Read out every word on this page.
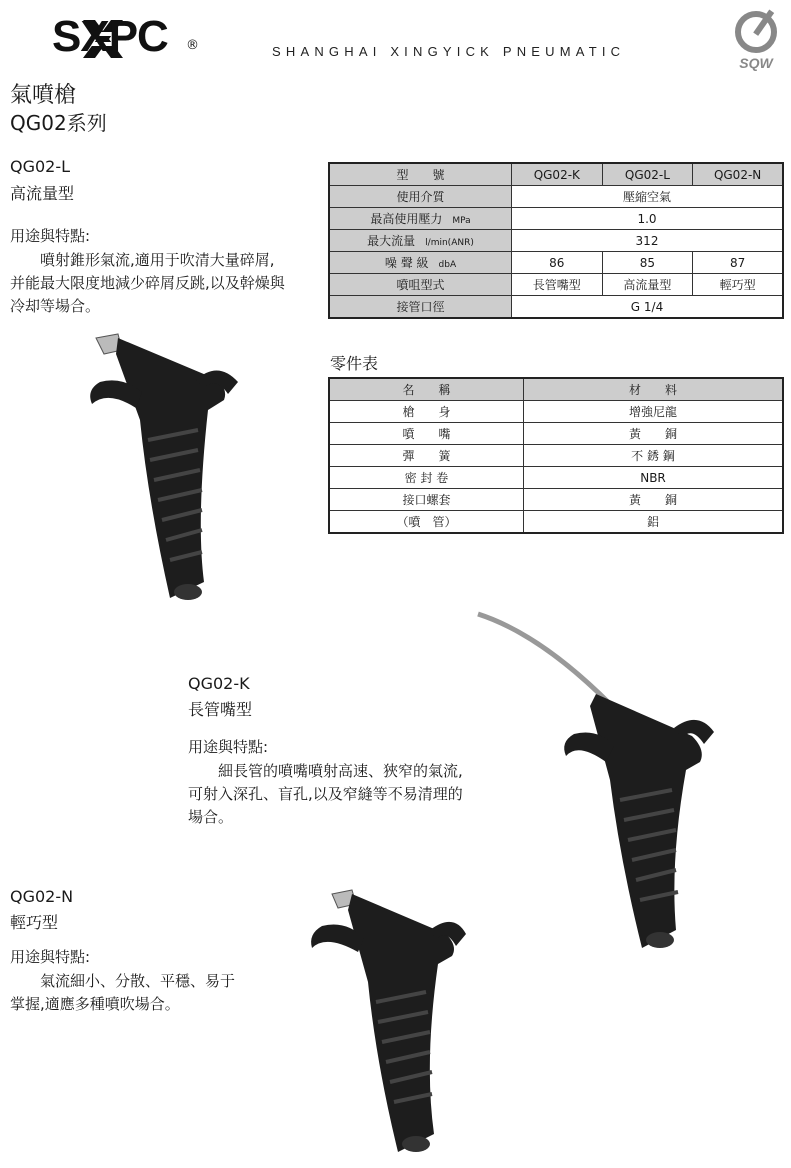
SXPC ®	SHANGHAI XINGYICK PNEUMATIC
SQW
氣噴槍
QG02系列
QG02-L
高流量型
用途與特點:
　　噴射錐形氣流,適用于吹清大量碎屑,
并能最大限度地減少碎屑反跳,以及幹燥與
冷却等場合。
QG02-K
長管嘴型
用途與特點:
　　細長管的噴嘴噴射高速、狹窄的氣流,
可射入深孔、盲孔,以及窄縫等不易清理的
場合。
QG02-N
輕巧型
用途與特點:
　　氣流細小、分散、平穩、易于
掌握,適應多種噴吹場合。
型　　號	QG02-K	QG02-L	QG02-N
使用介質	壓縮空氣		
最高使用壓力 MPa	1.0		
最大流量 l/min(ANR)	312		
噪 聲 級 dbA	86	85	87
噴咀型式	長管嘴型	高流量型	輕巧型
接管口徑	G 1/4		
零件表
名　　稱	材　　料
槍　　身	增強尼龍
噴　　嘴	黃　　銅
彈　　簧	不 銹 鋼
密 封 卷	NBR
接口螺套	黃　　銅
（噴　管）	鋁
